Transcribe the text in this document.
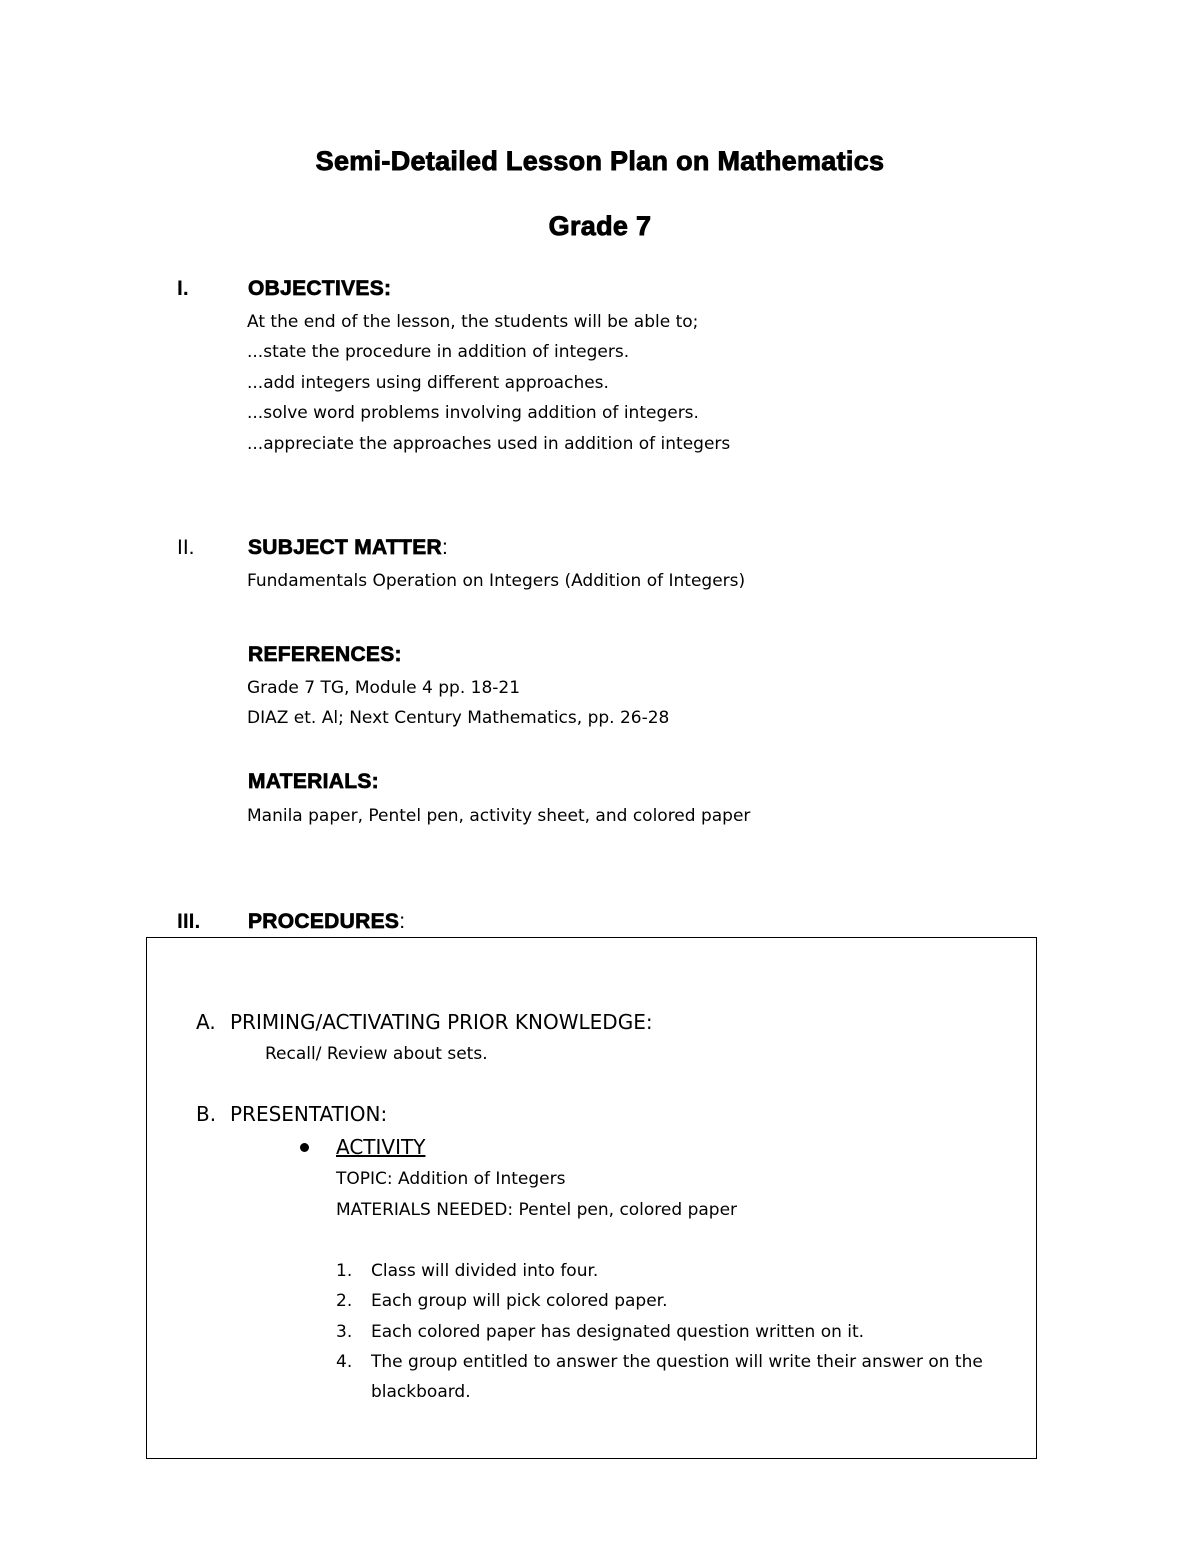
Semi-Detailed Lesson Plan on Mathematics
Grade 7
I.	OBJECTIVES:
At the end of the lesson, the students will be able to;
...state the procedure in addition of integers.
...add integers using different approaches.
...solve word problems involving addition of integers.
...appreciate the approaches used in addition of integers
II.	SUBJECT MATTER:
Fundamentals Operation on Integers (Addition of Integers)
REFERENCES:
Grade 7 TG, Module 4 pp. 18-21
DIAZ et. Al; Next Century Mathematics, pp. 26-28
MATERIALS:
Manila paper, Pentel pen, activity sheet, and colored paper
III. PROCEDURES:
A. PRIMING/ACTIVATING PRIOR KNOWLEDGE:
Recall/ Review about sets.
B. PRESENTATION:
ACTIVITY
TOPIC: Addition of Integers
MATERIALS NEEDED: Pentel pen, colored paper
1. Class will divided into four.
2. Each group will pick colored paper.
3. Each colored paper has designated question written on it.
4. The group entitled to answer the question will write their answer on the
blackboard.
